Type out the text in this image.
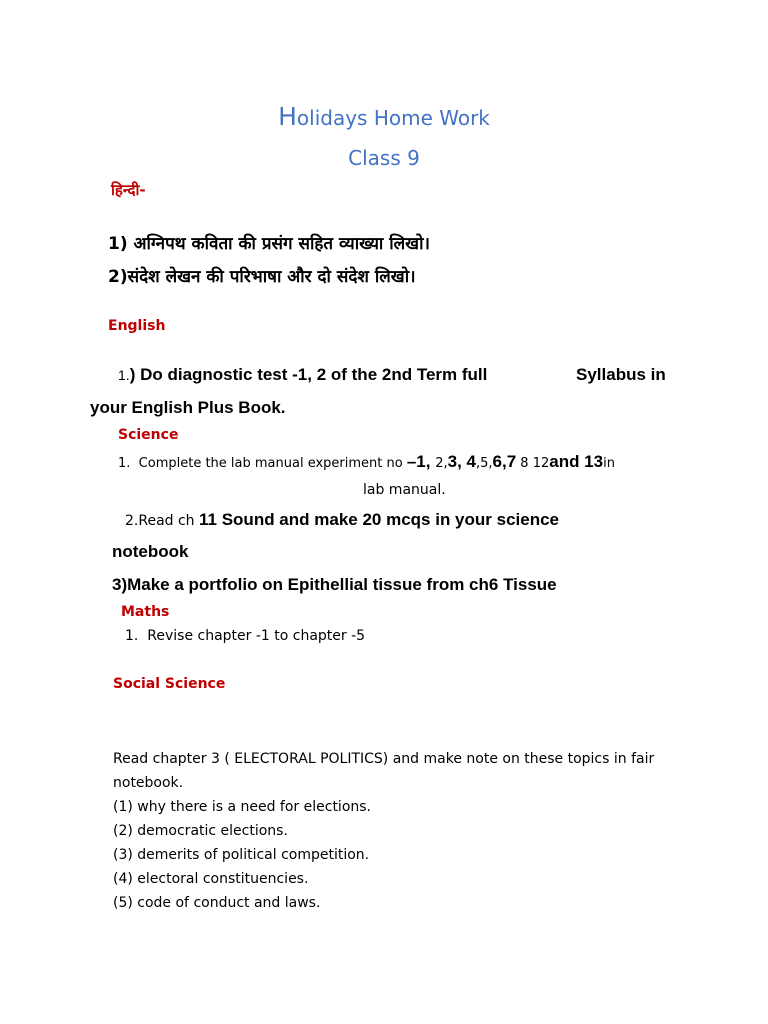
Holidays Home Work
Class 9
हिन्दी-
1) अग्निपथ कविता की प्रसंग सहित व्याख्या लिखो।
2)संदेश लेखन की परिभाषा और दो संदेश लिखो।
English
1.) Do diagnostic test -1, 2 of the 2nd Term full	Syllabus in
your English Plus Book.
Science
1. Complete the lab manual experiment no –1, 2,3, 4,5,6,7 8 12and 13in
lab manual.
2.Read ch 11 Sound and make 20 mcqs in your science
notebook
3)Make a portfolio on Epithellial tissue from ch6 Tissue
Maths
1. Revise chapter -1 to chapter -5
Social Science
Read chapter 3 ( ELECTORAL POLITICS) and make note on these topics in fair
notebook.
(1) why there is a need for elections.
(2) democratic elections.
(3) demerits of political competition.
(4) electoral constituencies.
(5) code of conduct and laws.
